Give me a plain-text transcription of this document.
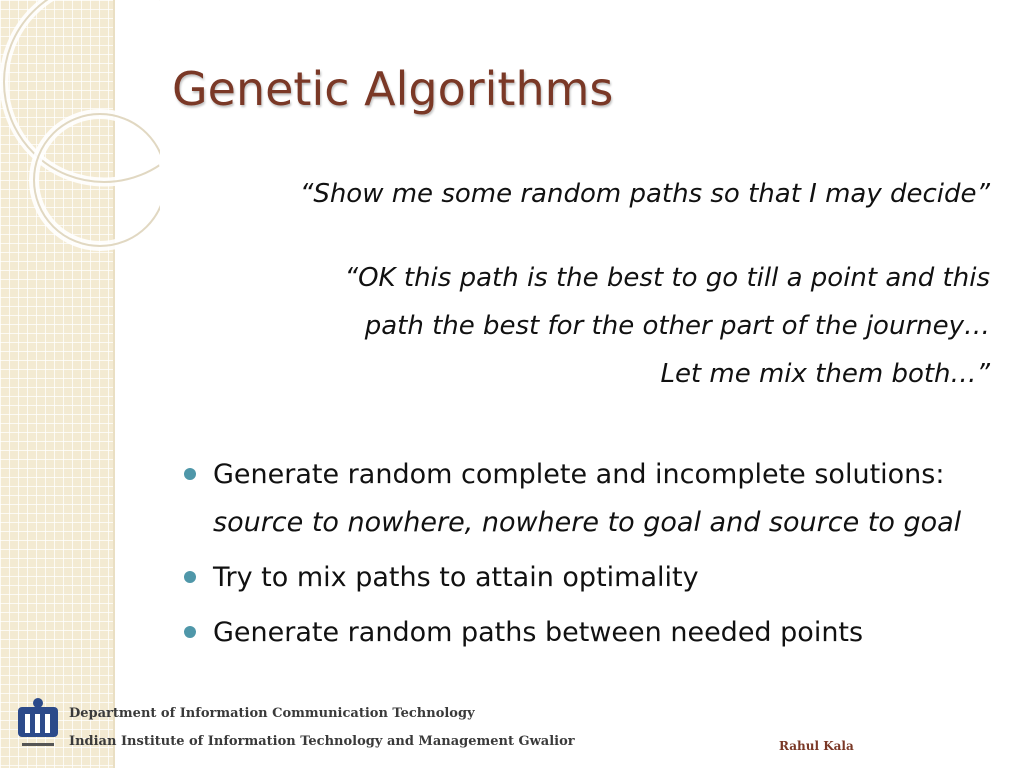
Genetic Algorithms

“Show me some random paths so that I may decide”

“OK this path is the best to go till a point and this
path the best for the other part of the journey…
Let me mix them both…”

Generate random complete and incomplete solutions: source to nowhere, nowhere to goal and source to goal
Try to mix paths to attain optimality
Generate random paths between needed points
Department of Information Communication Technology
Indian Institute of Information Technology and Management Gwalior	Rahul Kala
